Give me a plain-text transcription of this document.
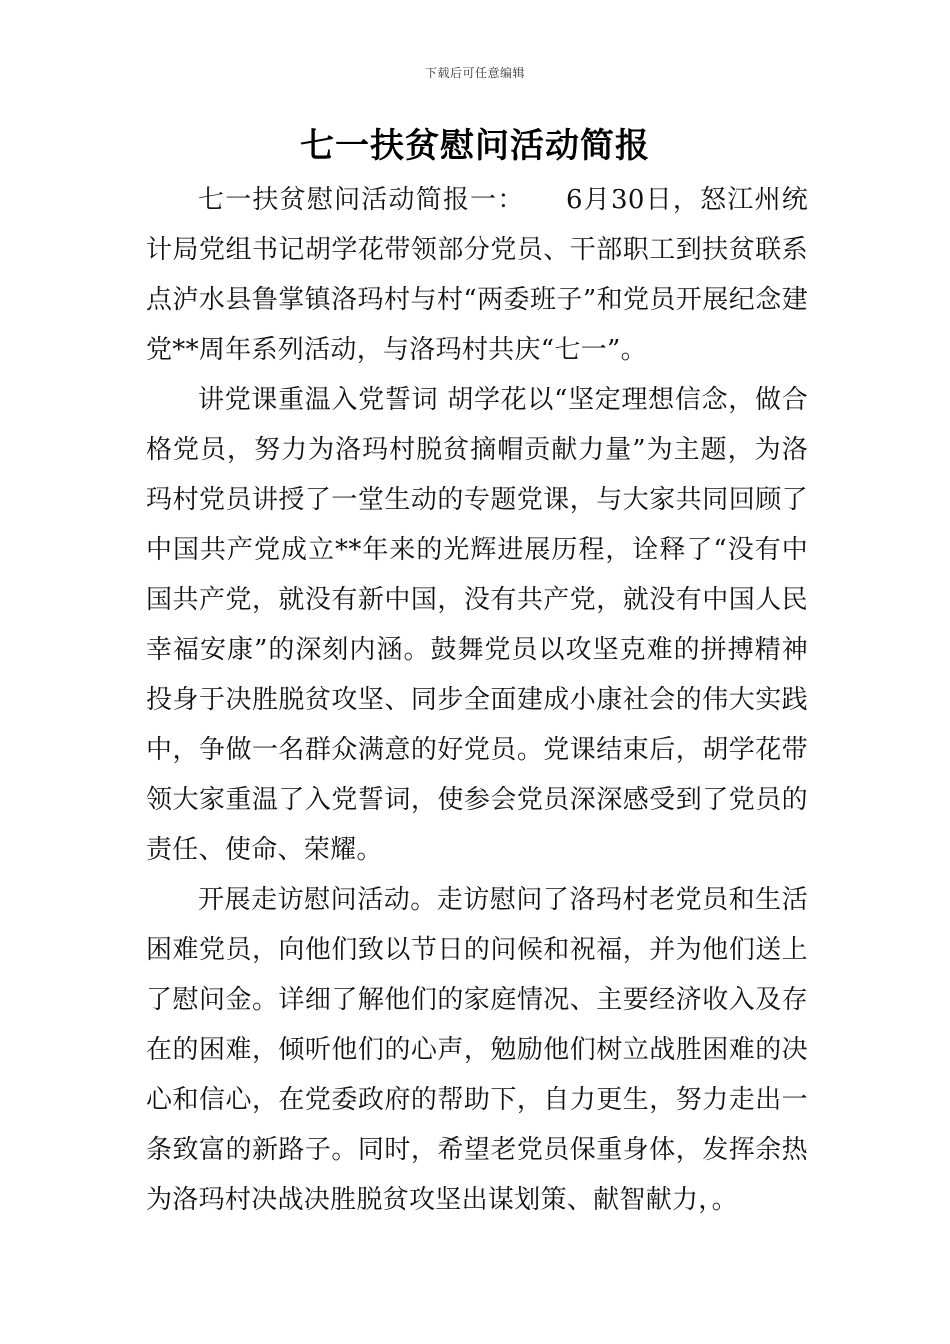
下载后可任意编辑
七一扶贫慰问活动简报

七一扶贫慰问活动简报一：　　6月30日，怒江州统计局党组书记胡学花带领部分党员、干部职工到扶贫联系点泸水县鲁掌镇洛玛村与村“两委班子”和党员开展纪念建党**周年系列活动，与洛玛村共庆“七一”。

讲党课重温入党誓词 胡学花以“坚定理想信念，做合格党员，努力为洛玛村脱贫摘帽贡献力量”为主题，为洛玛村党员讲授了一堂生动的专题党课，与大家共同回顾了中国共产党成立**年来的光辉进展历程，诠释了“没有中国共产党，就没有新中国，没有共产党，就没有中国人民幸福安康”的深刻内涵。鼓舞党员以攻坚克难的拼搏精神投身于决胜脱贫攻坚、同步全面建成小康社会的伟大实践中，争做一名群众满意的好党员。党课结束后，胡学花带领大家重温了入党誓词，使参会党员深深感受到了党员的责任、使命、荣耀。

开展走访慰问活动。走访慰问了洛玛村老党员和生活困难党员，向他们致以节日的问候和祝福，并为他们送上了慰问金。详细了解他们的家庭情况、主要经济收入及存在的困难，倾听他们的心声，勉励他们树立战胜困难的决心和信心，在党委政府的帮助下，自力更生，努力走出一条致富的新路子。同时，希望老党员保重身体，发挥余热为洛玛村决战决胜脱贫攻坚出谋划策、献智献力，。
